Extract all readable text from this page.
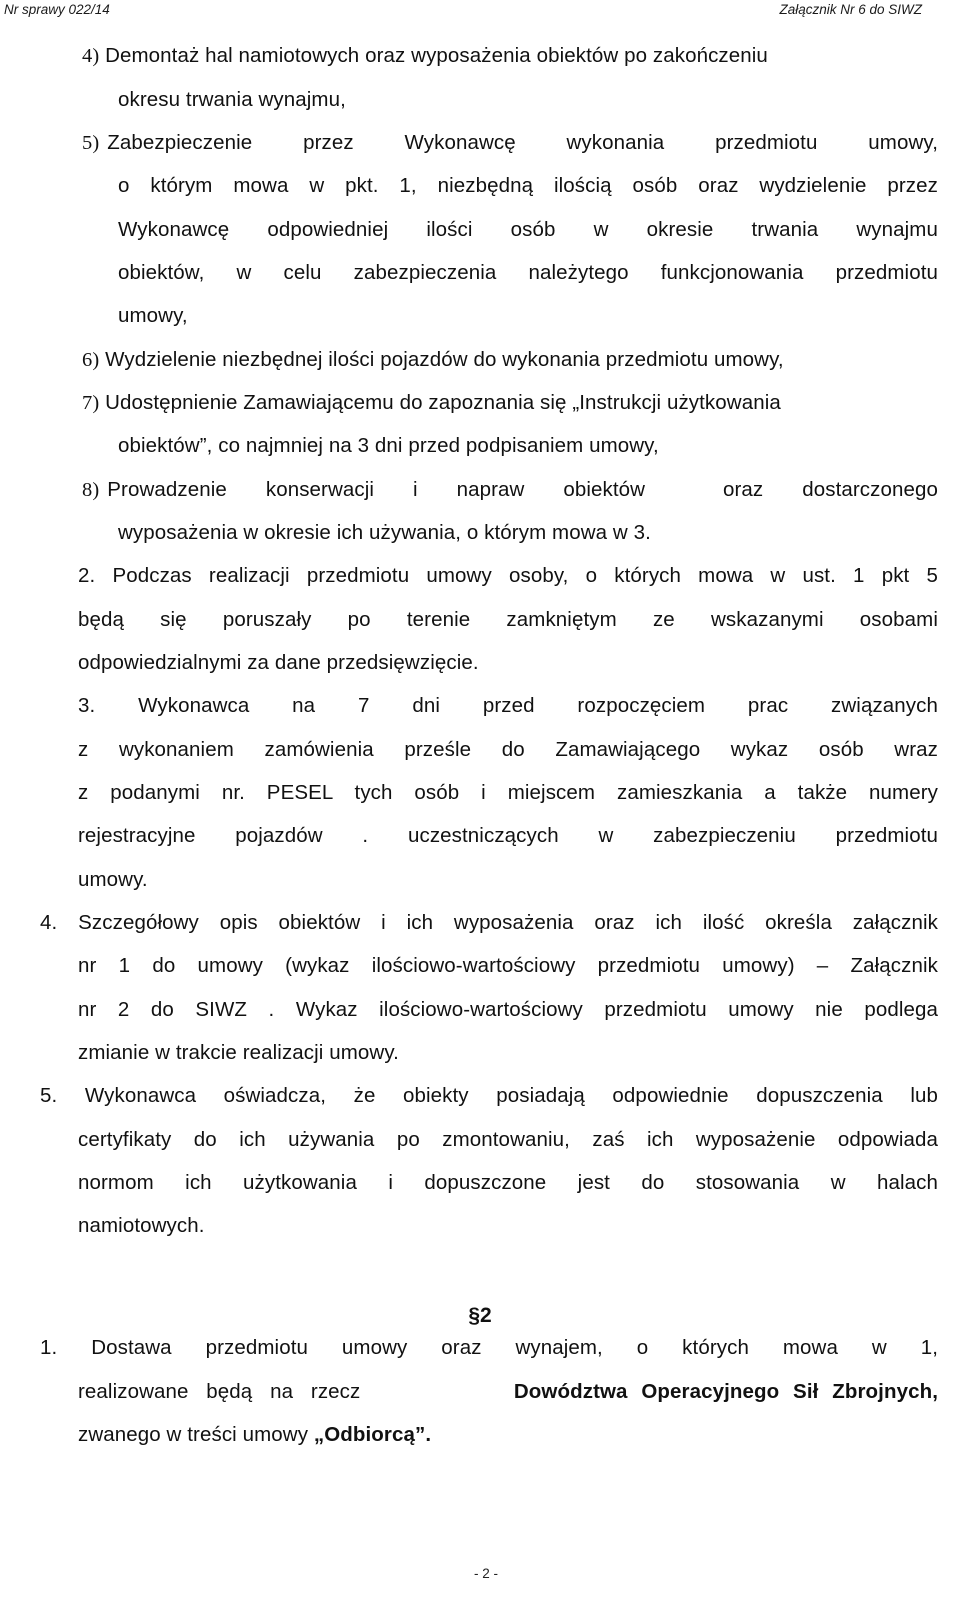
Nr sprawy 022/14	Załącznik Nr 6 do SIWZ
4) Demontaż hal namiotowych oraz wyposażenia obiektów po zakończeniu
okresu trwania wynajmu,
5) Zabezpieczenie przez Wykonawcę wykonania przedmiotu umowy,
o którym mowa w pkt. 1, niezbędną ilością osób oraz wydzielenie przez
Wykonawcę odpowiedniej ilości osób w okresie trwania wynajmu
obiektów, w celu zabezpieczenia należytego funkcjonowania przedmiotu
umowy,
6) Wydzielenie niezbędnej ilości pojazdów do wykonania przedmiotu umowy,
7) Udostępnienie Zamawiającemu do zapoznania się „Instrukcji użytkowania
obiektów”, co najmniej na 3 dni przed podpisaniem umowy,
8) Prowadzenie konserwacji i napraw obiektów  oraz dostarczonego
wyposażenia w okresie ich używania, o którym mowa w 3.
2. Podczas realizacji przedmiotu umowy osoby, o których mowa w ust. 1 pkt 5
będą się poruszały po terenie zamkniętym ze wskazanymi osobami
odpowiedzialnymi za dane przedsięwzięcie.
3. Wykonawca na 7 dni przed rozpoczęciem prac związanych
z wykonaniem zamówienia prześle do Zamawiającego wykaz osób wraz
z podanymi nr. PESEL tych osób i miejscem zamieszkania a także numery
rejestracyjne pojazdów . uczestniczących w zabezpieczeniu przedmiotu
umowy.
4. Szczegółowy opis obiektów i ich wyposażenia oraz ich ilość określa załącznik
nr 1 do umowy (wykaz ilościowo-wartościowy przedmiotu umowy) – Załącznik
nr 2 do SIWZ . Wykaz ilościowo-wartościowy przedmiotu umowy nie podlega
zmianie w trakcie realizacji umowy.
5. Wykonawca oświadcza, że obiekty posiadają odpowiednie dopuszczenia lub
certyfikaty do ich używania po zmontowaniu, zaś ich wyposażenie odpowiada
normom ich użytkowania i dopuszczone jest do stosowania w halach
namiotowych.
§2
1. Dostawa przedmiotu umowy oraz wynajem, o których mowa w 1,
realizowane będą na rzecz	Dowództwa Operacyjnego Sił Zbrojnych,
zwanego w treści umowy „Odbiorcą”.
- 2 -
